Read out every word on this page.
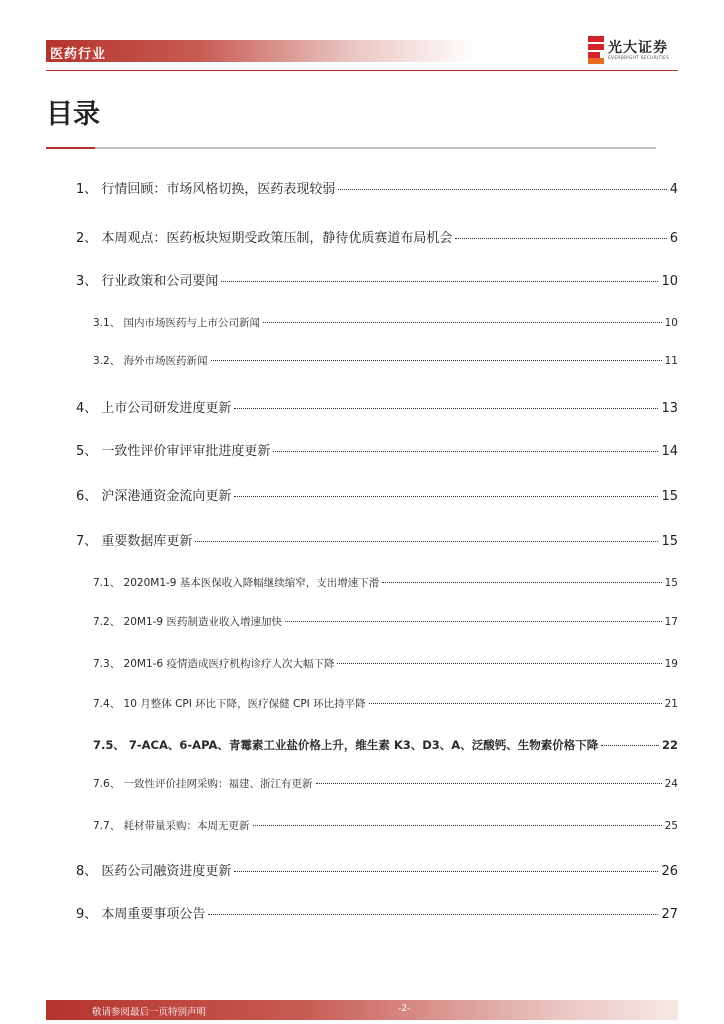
医药行业	光大证券
EVERBRIGHT SECURITIES
目录
1、 行情回顾：市场风格切换，医药表现较弱	4
2、 本周观点：医药板块短期受政策压制，静待优质赛道布局机会	6
3、 行业政策和公司要闻	10
3.1、 国内市场医药与上市公司新闻	10
3.2、 海外市场医药新闻	11
4、 上市公司研发进度更新	13
5、 一致性评价审评审批进度更新	14
6、 沪深港通资金流向更新	15
7、 重要数据库更新	15
7.1、 2020M1-9 基本医保收入降幅继续缩窄，支出增速下滑	15
7.2、 20M1-9 医药制造业收入增速加快	17
7.3、 20M1-6 疫情造成医疗机构诊疗人次大幅下降	19
7.4、 10 月整体 CPI 环比下降，医疗保健 CPI 环比持平降	21
7.5、 7-ACA、6-APA、青霉素工业盐价格上升，维生素 K3、D3、A、泛酸钙、生物素价格下降	22
7.6、 一致性评价挂网采购：福建、浙江有更新	24
7.7、 耗材带量采购：本周无更新	25
8、 医药公司融资进度更新	26
9、 本周重要事项公告	27
敬请参阅最后一页特别声明	-2-
